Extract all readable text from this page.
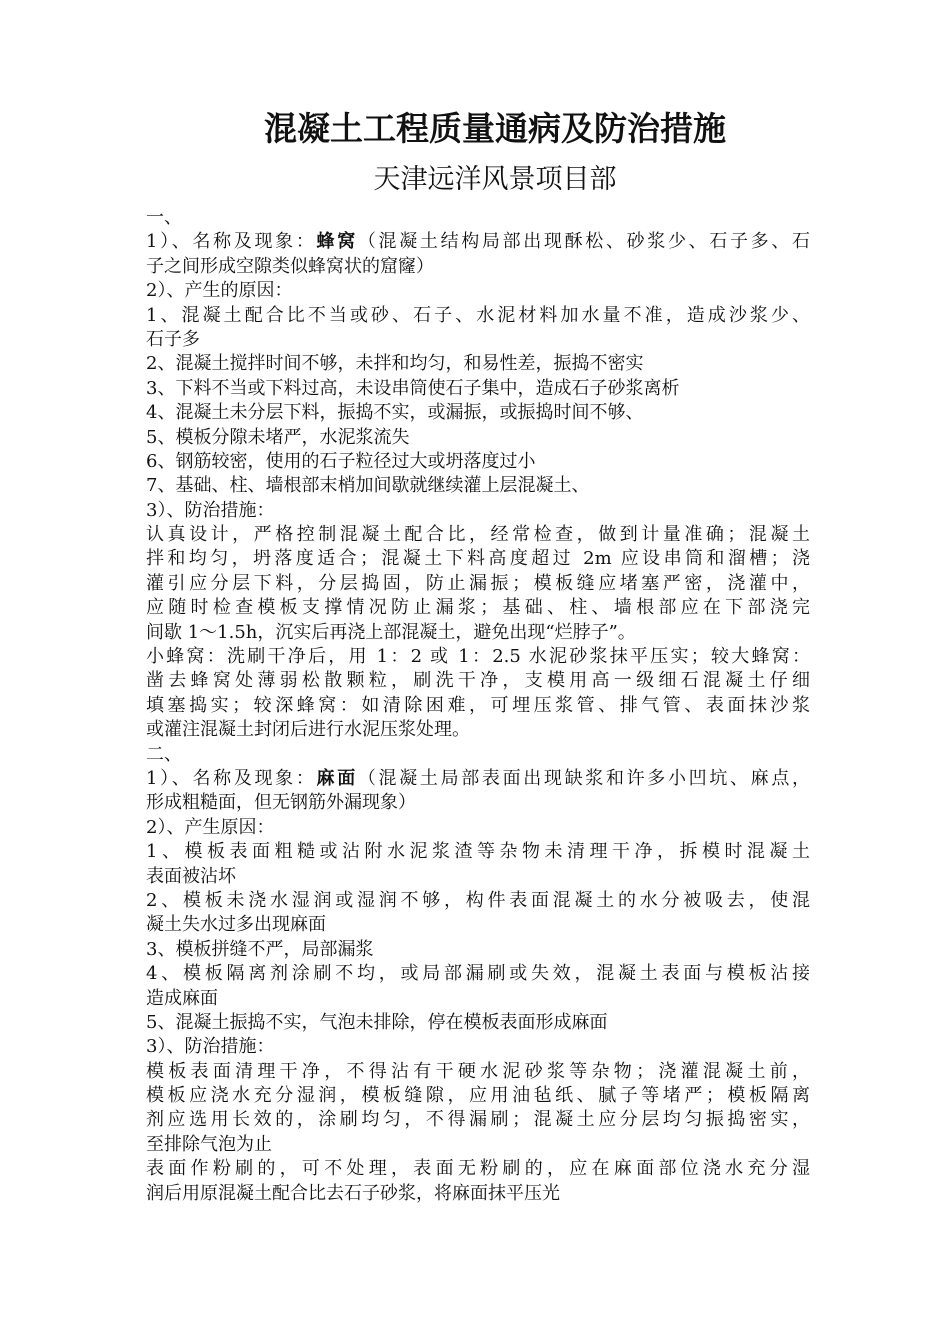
混凝土工程质量通病及防治措施
天津远洋风景项目部
一、
1）、名称及现象：蜂窝（混凝土结构局部出现酥松、砂浆少、石子多、石
子之间形成空隙类似蜂窝状的窟窿）
2）、产生的原因：
1、混凝土配合比不当或砂、石子、水泥材料加水量不准，造成沙浆少、
石子多
2、混凝土搅拌时间不够，未拌和均匀，和易性差，振捣不密实
3、下料不当或下料过高，未设串筒使石子集中，造成石子砂浆离析
4、混凝土未分层下料，振捣不实，或漏振，或振捣时间不够、
5、模板分隙未堵严，水泥浆流失
6、钢筋较密，使用的石子粒径过大或坍落度过小
7、基础、柱、墙根部末梢加间歇就继续灌上层混凝土、
3）、防治措施：
认真设计，严格控制混凝土配合比，经常检查，做到计量准确；混凝土
拌和均匀，坍落度适合；混凝土下料高度超过 2m 应设串筒和溜槽；浇
灌引应分层下料，分层捣固，防止漏振；模板缝应堵塞严密，浇灌中，
应随时检查模板支撑情况防止漏浆；基础、柱、墙根部应在下部浇完
间歇 1～1.5h，沉实后再浇上部混凝土，避免出现“烂脖子”。
小蜂窝：洗刷干净后，用 1：2 或 1：2.5 水泥砂浆抹平压实；较大蜂窝：
凿去蜂窝处薄弱松散颗粒，刷洗干净，支模用高一级细石混凝土仔细
填塞捣实；较深蜂窝：如清除困难，可埋压浆管、排气管、表面抹沙浆
或灌注混凝土封闭后进行水泥压浆处理。
二、
1）、名称及现象：麻面（混凝土局部表面出现缺浆和许多小凹坑、麻点，
形成粗糙面，但无钢筋外漏现象）
2）、产生原因：
1、模板表面粗糙或沾附水泥浆渣等杂物未清理干净，拆模时混凝土
表面被沾坏
2、模板未浇水湿润或湿润不够，构件表面混凝土的水分被吸去，使混
凝土失水过多出现麻面
3、模板拼缝不严，局部漏浆
4、模板隔离剂涂刷不均，或局部漏刷或失效，混凝土表面与模板沾接
造成麻面
5、混凝土振捣不实，气泡未排除，停在模板表面形成麻面
3）、防治措施：
模板表面清理干净，不得沾有干硬水泥砂浆等杂物；浇灌混凝土前，
模板应浇水充分湿润，模板缝隙，应用油毡纸、腻子等堵严；模板隔离
剂应选用长效的，涂刷均匀，不得漏刷；混凝土应分层均匀振捣密实，
至排除气泡为止
表面作粉刷的，可不处理，表面无粉刷的，应在麻面部位浇水充分湿
润后用原混凝土配合比去石子砂浆，将麻面抹平压光
